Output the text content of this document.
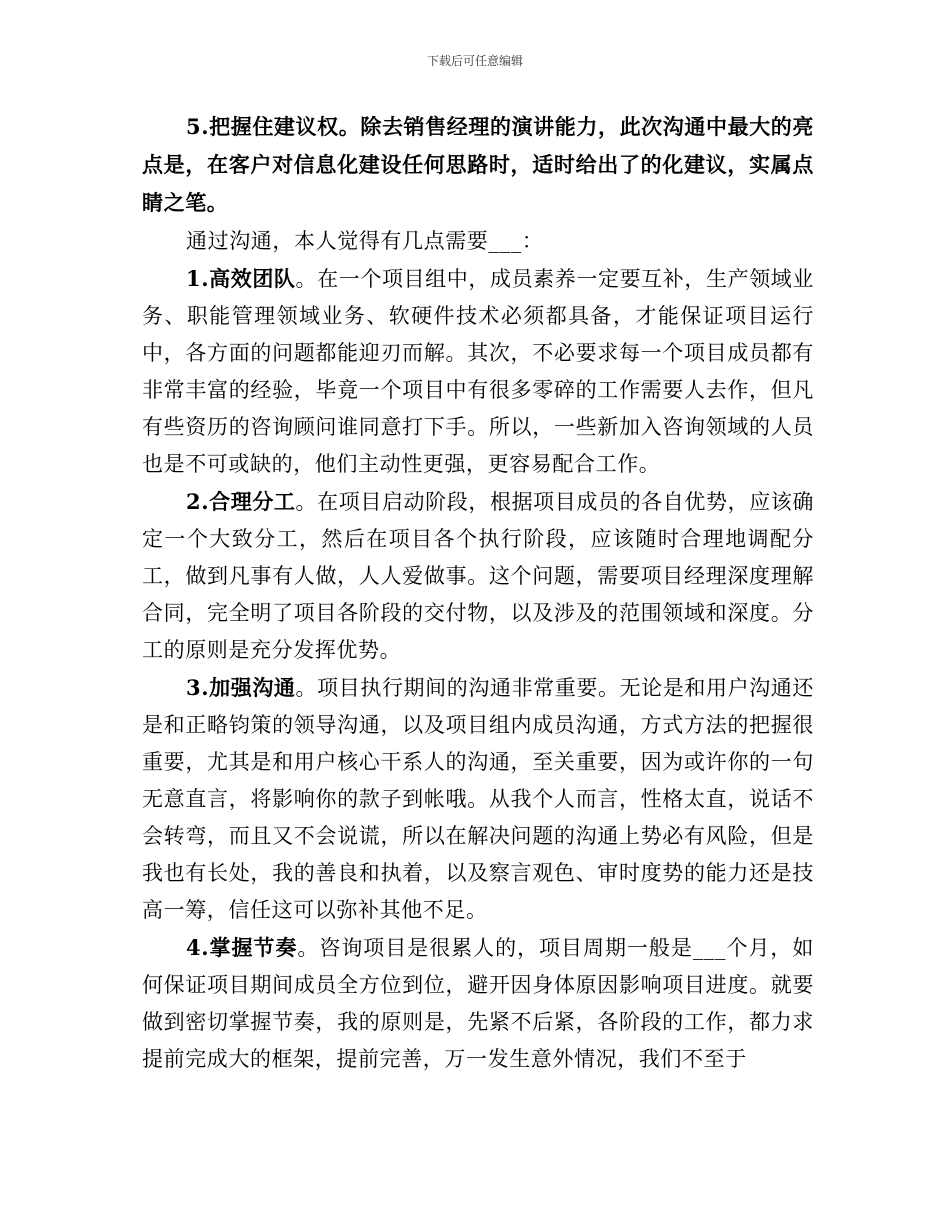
下载后可任意编辑

5.把握住建议权。除去销售经理的演讲能力，此次沟通中最大的亮点是，在客户对信息化建设任何思路时，适时给出了的化建议，实属点睛之笔。

通过沟通，本人觉得有几点需要___：

1.高效团队。在一个项目组中，成员素养一定要互补，生产领域业务、职能管理领域业务、软硬件技术必须都具备，才能保证项目运行中，各方面的问题都能迎刃而解。其次，不必要求每一个项目成员都有非常丰富的经验，毕竟一个项目中有很多零碎的工作需要人去作，但凡有些资历的咨询顾问谁同意打下手。所以，一些新加入咨询领域的人员也是不可或缺的，他们主动性更强，更容易配合工作。

2.合理分工。在项目启动阶段，根据项目成员的各自优势，应该确定一个大致分工，然后在项目各个执行阶段，应该随时合理地调配分工，做到凡事有人做，人人爱做事。这个问题，需要项目经理深度理解合同，完全明了项目各阶段的交付物，以及涉及的范围领域和深度。分工的原则是充分发挥优势。

3.加强沟通。项目执行期间的沟通非常重要。无论是和用户沟通还是和正略钧策的领导沟通，以及项目组内成员沟通，方式方法的把握很重要，尤其是和用户核心干系人的沟通，至关重要，因为或许你的一句无意直言，将影响你的款子到帐哦。从我个人而言，性格太直，说话不会转弯，而且又不会说谎，所以在解决问题的沟通上势必有风险，但是我也有长处，我的善良和执着，以及察言观色、审时度势的能力还是技高一筹，信任这可以弥补其他不足。

4.掌握节奏。咨询项目是很累人的，项目周期一般是___个月，如何保证项目期间成员全方位到位，避开因身体原因影响项目进度。就要做到密切掌握节奏，我的原则是，先紧不后紧，各阶段的工作，都力求提前完成大的框架，提前完善，万一发生意外情况，我们不至于
